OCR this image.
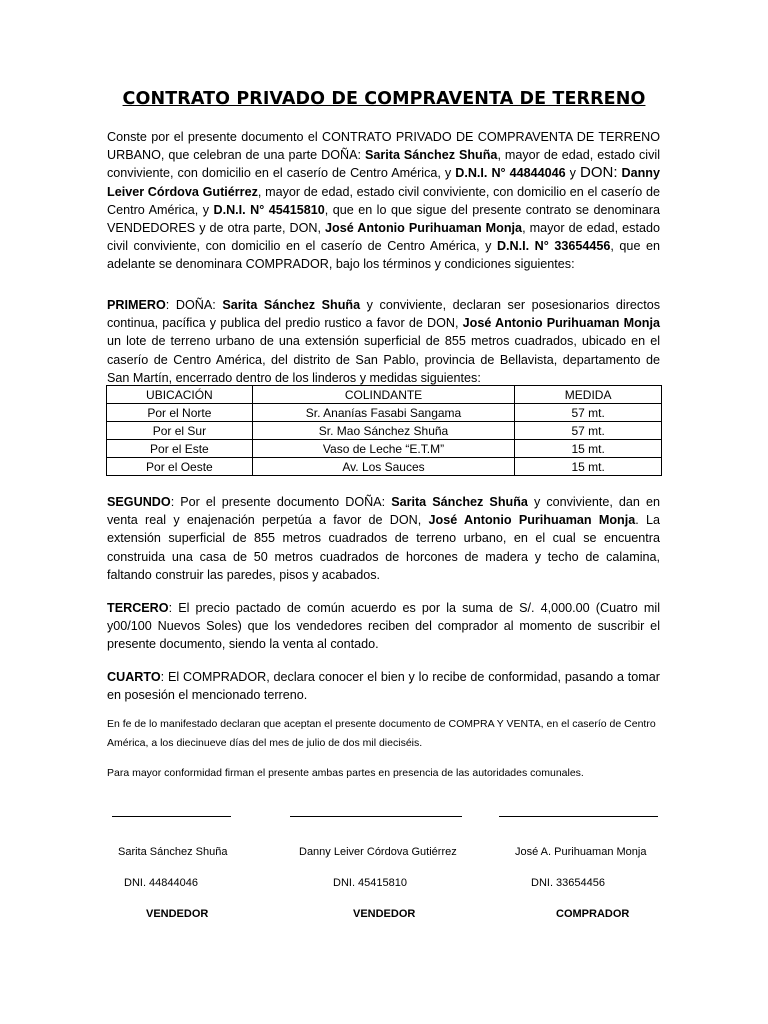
CONTRATO PRIVADO DE COMPRAVENTA DE TERRENO
Conste por el presente documento el CONTRATO PRIVADO DE COMPRAVENTA DE TERRENO URBANO, que celebran de una parte DOÑA: Sarita Sánchez Shuña, mayor de edad, estado civil conviviente, con domicilio en el caserío de Centro América, y D.N.I. N° 44844046 y DON: Danny Leiver Córdova Gutiérrez, mayor de edad, estado civil conviviente, con domicilio en el caserío de Centro América, y D.N.I. N° 45415810, que en lo que sigue del presente contrato se denominara VENDEDORES y de otra parte, DON, José Antonio Purihuaman Monja, mayor de edad, estado civil conviviente, con domicilio en el caserío de Centro América, y D.N.I. N° 33654456, que en adelante se denominara COMPRADOR, bajo los términos y condiciones siguientes:
PRIMERO: DOÑA: Sarita Sánchez Shuña y conviviente, declaran ser posesionarios directos continua, pacífica y publica del predio rustico a favor de DON, José Antonio Purihuaman Monja un lote de terreno urbano de una extensión superficial de 855 metros cuadrados, ubicado en el caserío de Centro América, del distrito de San Pablo, provincia de Bellavista, departamento de San Martín, encerrado dentro de los linderos y medidas siguientes:
UBICACIÓN	COLINDANTE	MEDIDA
Por el Norte	Sr. Ananías Fasabi Sangama	57 mt.
Por el Sur	Sr. Mao Sánchez Shuña	57 mt.
Por el Este	Vaso de Leche “E.T.M”	15 mt.
Por el Oeste	Av. Los Sauces	15 mt.
SEGUNDO: Por el presente documento DOÑA: Sarita Sánchez Shuña y conviviente, dan en venta real y enajenación perpetúa a favor de DON, José Antonio Purihuaman Monja. La extensión superficial de 855 metros cuadrados de terreno urbano, en el cual se encuentra construida una casa de 50 metros cuadrados de horcones de madera y techo de calamina, faltando construir las paredes, pisos y acabados.
TERCERO: El precio pactado de común acuerdo es por la suma de S/. 4,000.00 (Cuatro mil y00/100 Nuevos Soles) que los vendedores reciben del comprador al momento de suscribir el presente documento, siendo la venta al contado.
CUARTO: El COMPRADOR, declara conocer el bien y lo recibe de conformidad, pasando a tomar en posesión el mencionado terreno.
En fe de lo manifestado declaran que aceptan el presente documento de COMPRA Y VENTA, en el caserío de Centro América, a los diecinueve días del mes de julio de dos mil dieciséis.
Para mayor conformidad firman el presente ambas partes en presencia de las autoridades comunales.
Sarita Sánchez Shuña	Danny Leiver Córdova Gutiérrez	José A. Purihuaman Monja
DNI. 44844046	DNI. 45415810	DNI. 33654456
VENDEDOR	VENDEDOR	COMPRADOR
